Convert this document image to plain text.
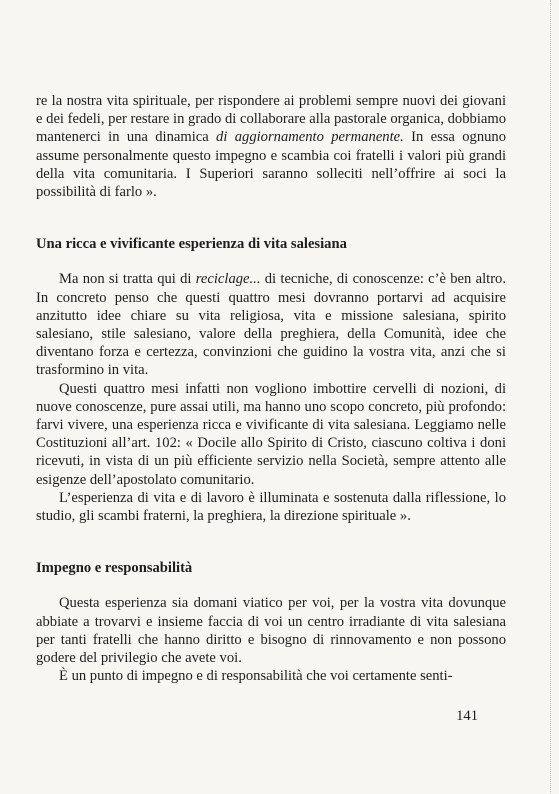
re la nostra vita spirituale, per rispondere ai problemi sempre nuovi dei giovani e dei fedeli, per restare in grado di collaborare alla pastorale organica, dobbiamo mantenerci in una dinamica di aggiornamento permanente. In essa ognuno assume personalmente questo impegno e scambia coi fratelli i valori più grandi della vita comunitaria. I Superiori saranno solleciti nell’offrire ai soci la possibilità di farlo ».

Una ricca e vivificante esperienza di vita salesiana

Ma non si tratta qui di reciclage... di tecniche, di conoscenze: c’è ben altro. In concreto penso che questi quattro mesi dovranno portarvi ad acquisire anzitutto idee chiare su vita religiosa, vita e missione salesiana, spirito salesiano, stile salesiano, valore della preghiera, della Comunità, idee che diventano forza e certezza, convinzioni che guidino la vostra vita, anzi che si trasformino in vita.

Questi quattro mesi infatti non vogliono imbottire cervelli di nozioni, di nuove conoscenze, pure assai utili, ma hanno uno scopo concreto, più profondo: farvi vivere, una esperienza ricca e vivificante di vita salesiana. Leggiamo nelle Costituzioni all’art. 102: « Docile allo Spirito di Cristo, ciascuno coltiva i doni ricevuti, in vista di un più efficiente servizio nella Società, sempre attento alle esigenze dell’apostolato comunitario.

L’esperienza di vita e di lavoro è illuminata e sostenuta dalla riflessione, lo studio, gli scambi fraterni, la preghiera, la direzione spirituale ».

Impegno e responsabilità

Questa esperienza sia domani viatico per voi, per la vostra vita dovunque abbiate a trovarvi e insieme faccia di voi un centro irradiante di vita salesiana per tanti fratelli che hanno diritto e bisogno di rinnovamento e non possono godere del privilegio che avete voi.

È un punto di impegno e di responsabilità che voi certamente senti-

141
